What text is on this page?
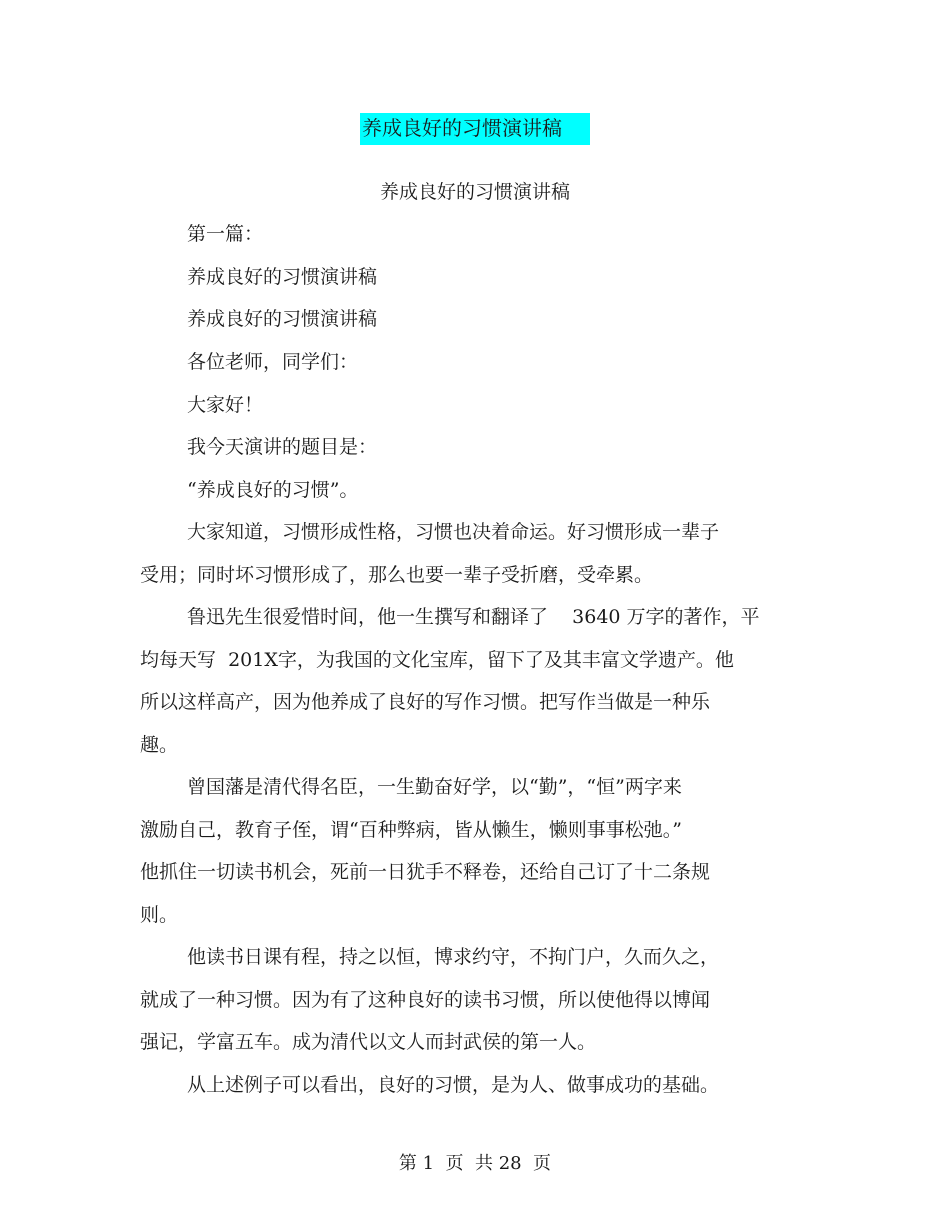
养成良好的习惯演讲稿
养成良好的习惯演讲稿
第一篇：
养成良好的习惯演讲稿
养成良好的习惯演讲稿
各位老师，同学们：
大家好！
我今天演讲的题目是：
“养成良好的习惯”。
大家知道，习惯形成性格，习惯也决着命运。好习惯形成一辈子
受用；同时坏习惯形成了，那么也要一辈子受折磨，受牵累。
鲁迅先生很爱惜时间，他一生撰写和翻译了    3640 万字的著作，平
均每天写  201X字，为我国的文化宝库，留下了及其丰富文学遗产。他
所以这样高产，因为他养成了良好的写作习惯。把写作当做是一种乐
趣。
曾国藩是清代得名臣，一生勤奋好学，以“勤”，“恒”两字来
激励自己，教育子侄，谓“百种弊病，皆从懒生，懒则事事松弛。”
他抓住一切读书机会，死前一日犹手不释卷，还给自己订了十二条规
则。
他读书日课有程，持之以恒，博求约守，不拘门户，久而久之，
就成了一种习惯。因为有了这种良好的读书习惯，所以使他得以博闻
强记，学富五车。成为清代以文人而封武侯的第一人。
从上述例子可以看出，良好的习惯，是为人、做事成功的基础。
第 1  页  共 28  页
